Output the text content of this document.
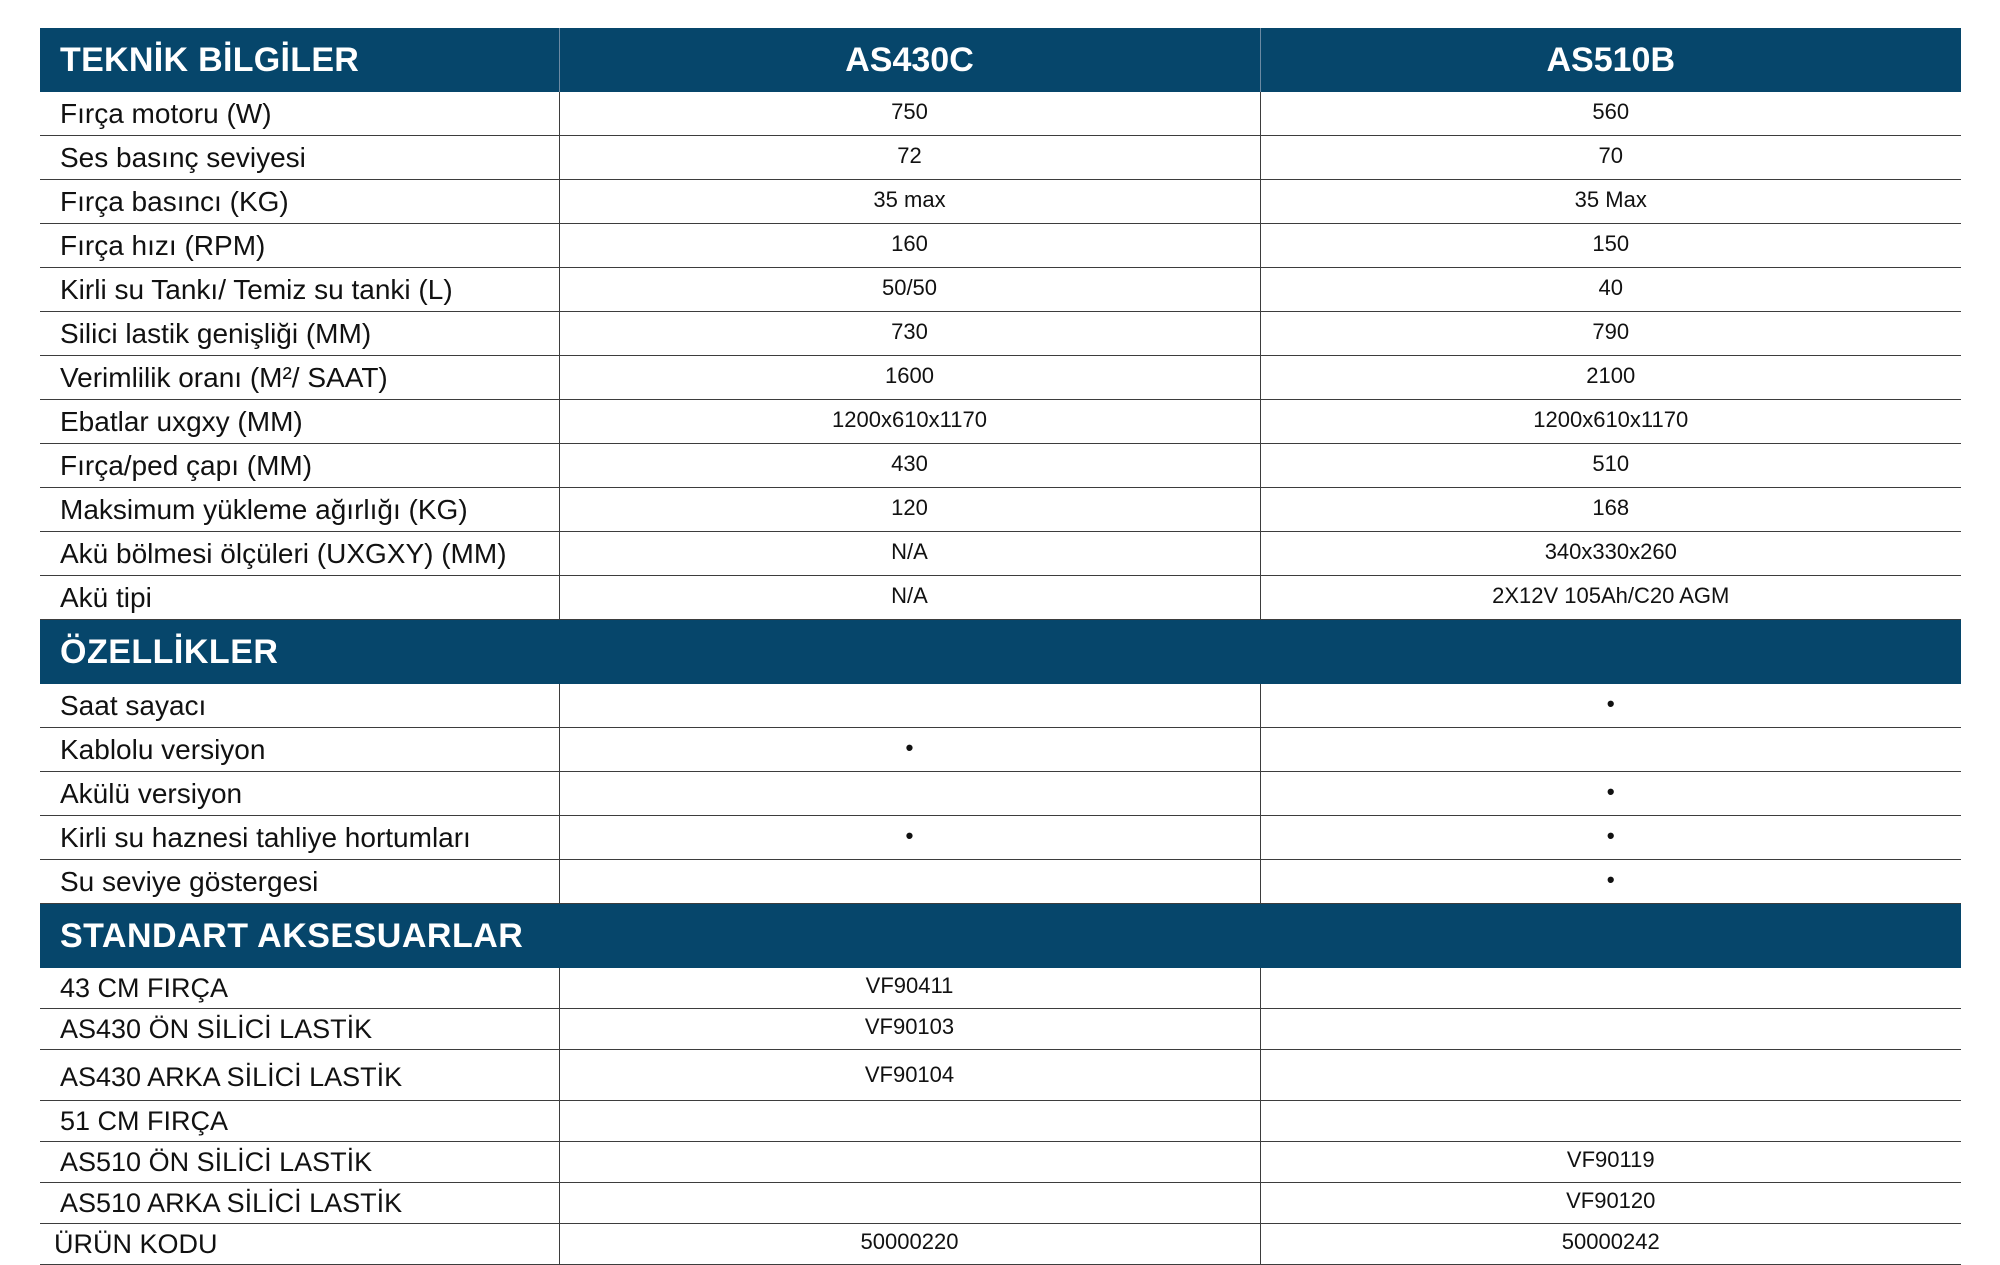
TEKNİK BİLGİLER	AS430C	AS510B
Fırça motoru (W)	750	560
Ses basınç seviyesi	72	70
Fırça basıncı (KG)	35 max	35 Max
Fırça hızı (RPM)	160	150
Kirli su Tankı/ Temiz su tanki (L)	50/50	40
Silici lastik genişliği (MM)	730	790
Verimlilik oranı (M²/ SAAT)	1600	2100
Ebatlar uxgxy (MM)	1200x610x1170	1200x610x1170
Fırça/ped çapı (MM)	430	510
Maksimum yükleme ağırlığı (KG)	120	168
Akü bölmesi ölçüleri (UXGXY) (MM)	N/A	340x330x260
Akü tipi	N/A	2X12V 105Ah/C20 AGM
ÖZELLİKLER		
Saat sayacı		•
Kablolu versiyon	•	
Akülü versiyon		•
Kirli su haznesi tahliye hortumları	•	•
Su seviye göstergesi		•
STANDART AKSESUARLAR		
43 CM FIRÇA	VF90411	
AS430 ÖN SİLİCİ LASTİK	VF90103	
AS430 ARKA SİLİCİ LASTİK	VF90104	
51 CM FIRÇA		
AS510 ÖN SİLİCİ LASTİK		VF90119
AS510 ARKA SİLİCİ LASTİK		VF90120
ÜRÜN KODU	50000220	50000242
